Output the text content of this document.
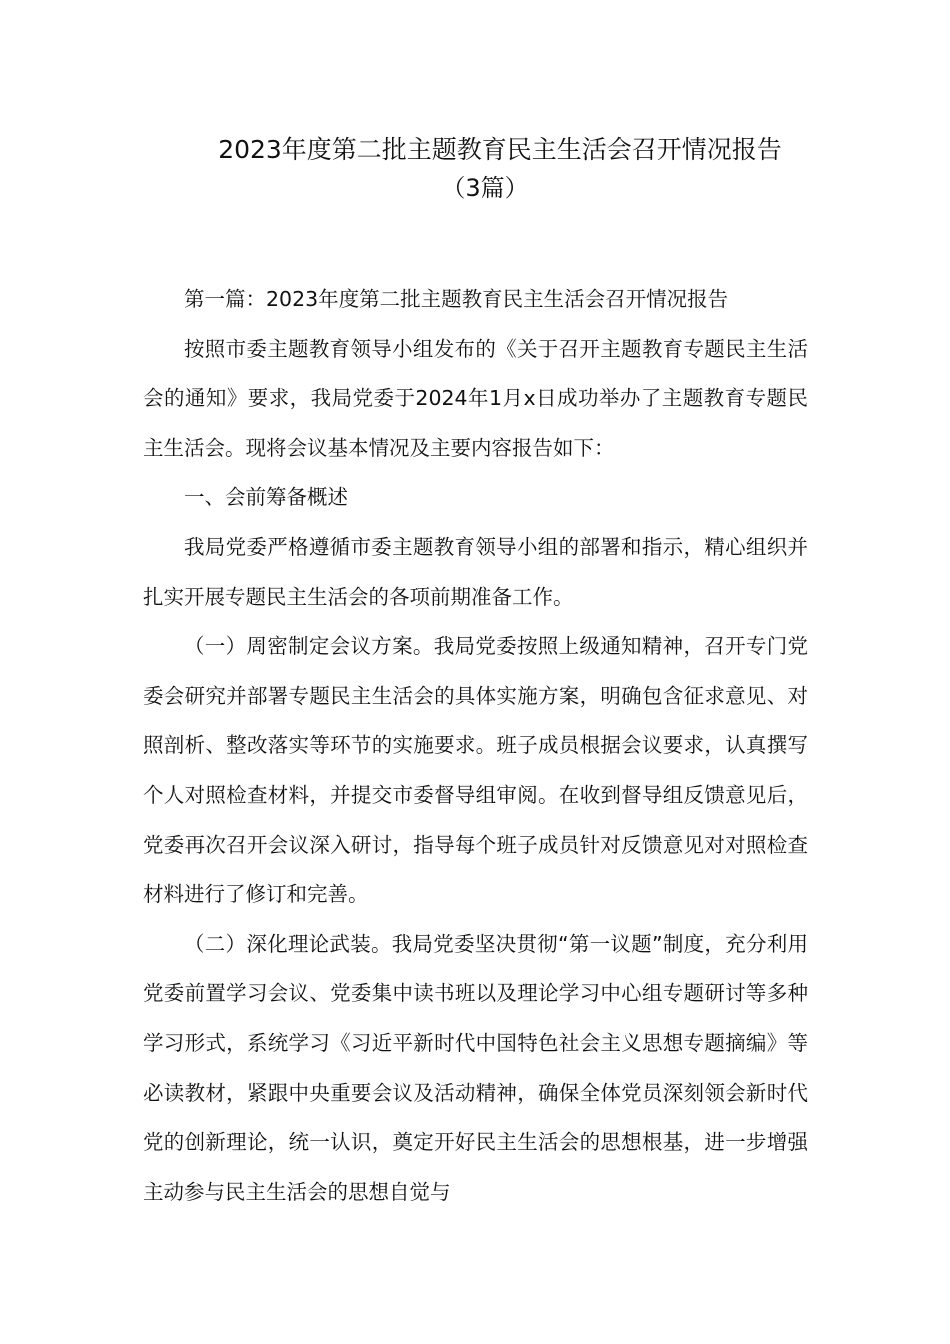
2023年度第二批主题教育民主生活会召开情况报告
（3篇）

第一篇：2023年度第二批主题教育民主生活会召开情况报告

按照市委主题教育领导小组发布的《关于召开主题教育专题民主生活会的通知》要求，我局党委于2024年1月x日成功举办了主题教育专题民主生活会。现将会议基本情况及主要内容报告如下：

一、会前筹备概述

我局党委严格遵循市委主题教育领导小组的部署和指示，精心组织并扎实开展专题民主生活会的各项前期准备工作。

（一）周密制定会议方案。我局党委按照上级通知精神，召开专门党委会研究并部署专题民主生活会的具体实施方案，明确包含征求意见、对照剖析、整改落实等环节的实施要求。班子成员根据会议要求，认真撰写个人对照检查材料，并提交市委督导组审阅。在收到督导组反馈意见后，党委再次召开会议深入研讨，指导每个班子成员针对反馈意见对对照检查材料进行了修订和完善。

（二）深化理论武装。我局党委坚决贯彻“第一议题”制度，充分利用党委前置学习会议、党委集中读书班以及理论学习中心组专题研讨等多种学习形式，系统学习《习近平新时代中国特色社会主义思想专题摘编》等必读教材，紧跟中央重要会议及活动精神，确保全体党员深刻领会新时代党的创新理论，统一认识，奠定开好民主生活会的思想根基，进一步增强主动参与民主生活会的思想自觉与
